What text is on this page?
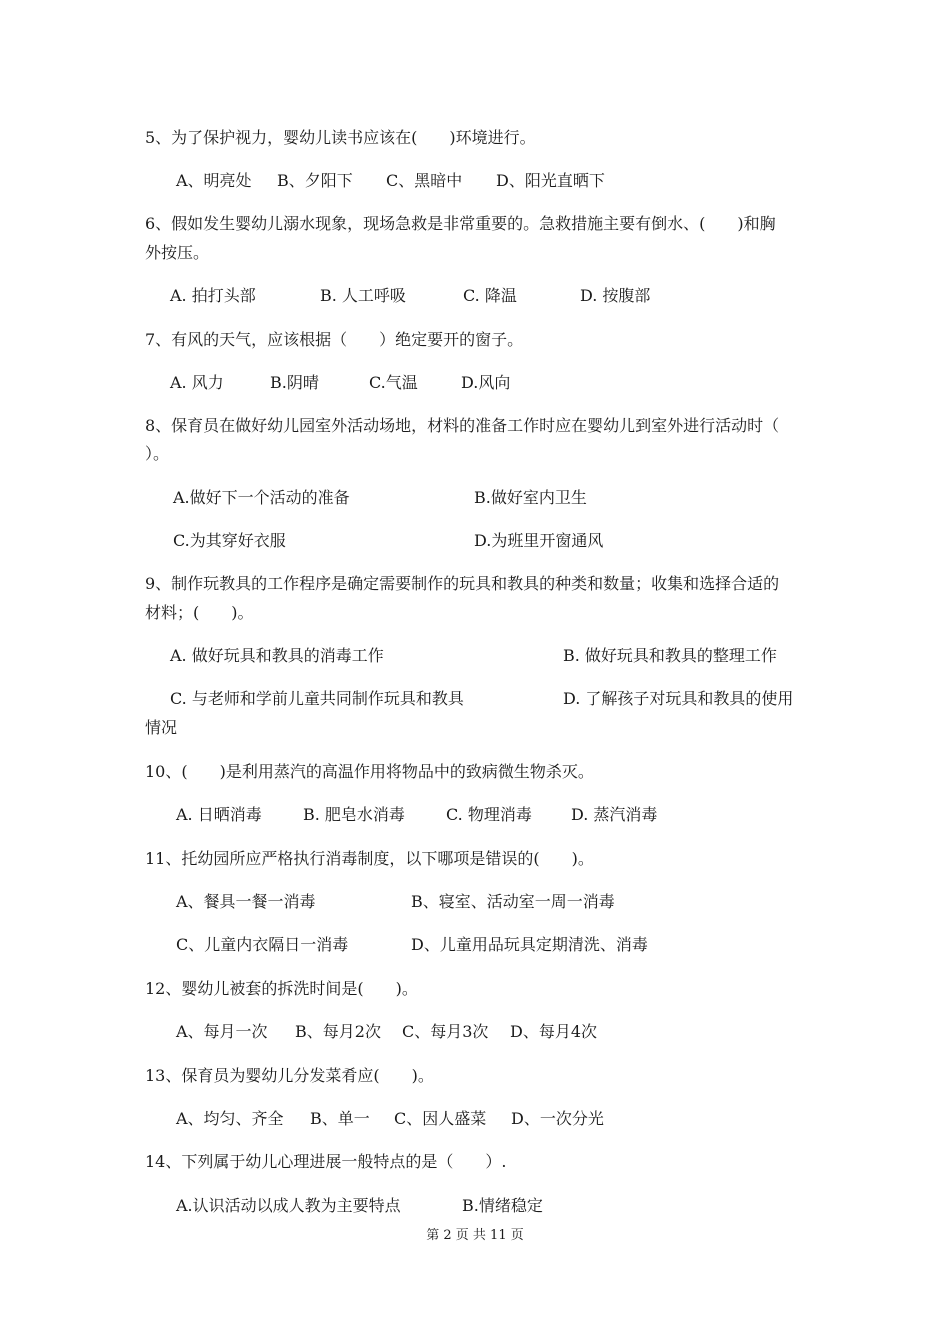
5、为了保护视力，婴幼儿读书应该在(　　)环境进行。
A、明亮处 B、夕阳下 C、黑暗中 D、阳光直晒下
6、假如发生婴幼儿溺水现象，现场急救是非常重要的。急救措施主要有倒水、(　　)和胸
外按压。
A. 拍打头部	B. 人工呼吸	C. 降温	D. 按腹部
7、有风的天气，应该根据（　　）绝定要开的窗子。
A. 风力	B.阴晴	C.气温	D.风向
8、保育员在做好幼儿园室外活动场地，材料的准备工作时应在婴幼儿到室外进行活动时（
）。
A.做好下一个活动的准备	B.做好室内卫生
C.为其穿好衣服	D.为班里开窗通风
9、制作玩教具的工作程序是确定需要制作的玩具和教具的种类和数量；收集和选择合适的
材料；(　　)。
A. 做好玩具和教具的消毒工作	B. 做好玩具和教具的整理工作
C. 与老师和学前儿童共同制作玩具和教具	D. 了解孩子对玩具和教具的使用
情况
10、(　　)是利用蒸汽的高温作用将物品中的致病微生物杀灭。
A. 日晒消毒	B. 肥皂水消毒	C. 物理消毒 D. 蒸汽消毒
11、托幼园所应严格执行消毒制度，以下哪项是错误的(　　)。
A、餐具一餐一消毒	B、寝室、活动室一周一消毒
C、儿童内衣隔日一消毒	D、儿童用品玩具定期清洗、消毒
12、婴幼儿被套的拆洗时间是(　　)。
A、每月一次 B、每月2次 C、每月3次 D、每月4次
13、保育员为婴幼儿分发菜肴应(　　)。
A、均匀、齐全 B、单一 C、因人盛菜 D、一次分光
14、下列属于幼儿心理进展一般特点的是（　　）.
A.认识活动以成人教为主要特点	B.情绪稳定
第 2 页 共 11 页
